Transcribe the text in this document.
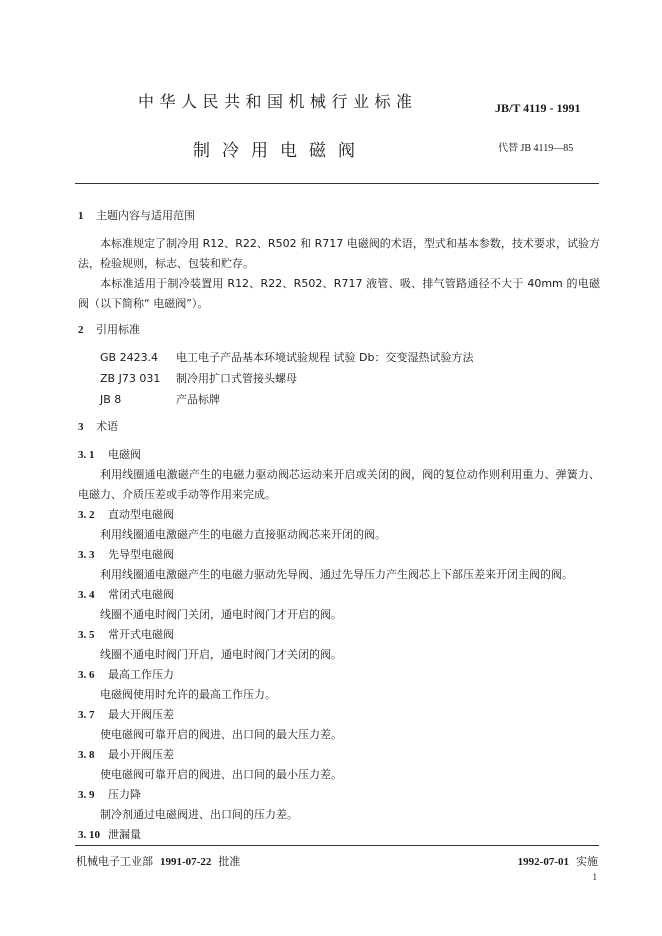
中华人民共和国机械行业标准	JB/T 4119 - 1991
制冷用电磁阀	代替 JB 4119—85
1 主题内容与适用范围

本标准规定了制冷用 R12、R22、R502 和 R717 电磁阀的术语，型式和基本参数，技术要求，试验方法，检验规则，标志、包装和贮存。

本标准适用于制冷装置用 R12、R22、R502、R717 液管、吸、排气管路通径不大于 40mm 的电磁阀（以下简称“ 电磁阀”）。

2 引用标准
GB 2423.4 电工电子产品基本环境试验规程 试验 Db：交变湿热试验方法
ZB J73 031 制冷用扩口式管接头螺母
JB 8	产品标牌
3 术语
3. 1 电磁阀

利用线圈通电激磁产生的电磁力驱动阀芯运动来开启或关闭的阀，阀的复位动作则利用重力、弹簧力、电磁力、介质压差或手动等作用来完成。

3. 2 直动型电磁阀

利用线圈通电激磁产生的电磁力直接驱动阀芯来开闭的阀。

3. 3 先导型电磁阀

利用线圈通电激磁产生的电磁力驱动先导阀、通过先导压力产生阀芯上下部压差来开闭主阀的阀。

3. 4 常闭式电磁阀

线圈不通电时阀门关闭，通电时阀门才开启的阀。

3. 5 常开式电磁阀

线圈不通电时阀门开启，通电时阀门才关闭的阀。

3. 6 最高工作压力

电磁阀使用时允许的最高工作压力。

3. 7 最大开阀压差

使电磁阀可靠开启的阀进、出口间的最大压力差。

3. 8 最小开阀压差

使电磁阀可靠开启的阀进、出口间的最小压力差。

3. 9 压力降

制冷剂通过电磁阀进、出口间的压力差。

3. 10 泄漏量
机械电子工业部 1991-07-22 批准	1992-07-01 实施
1
